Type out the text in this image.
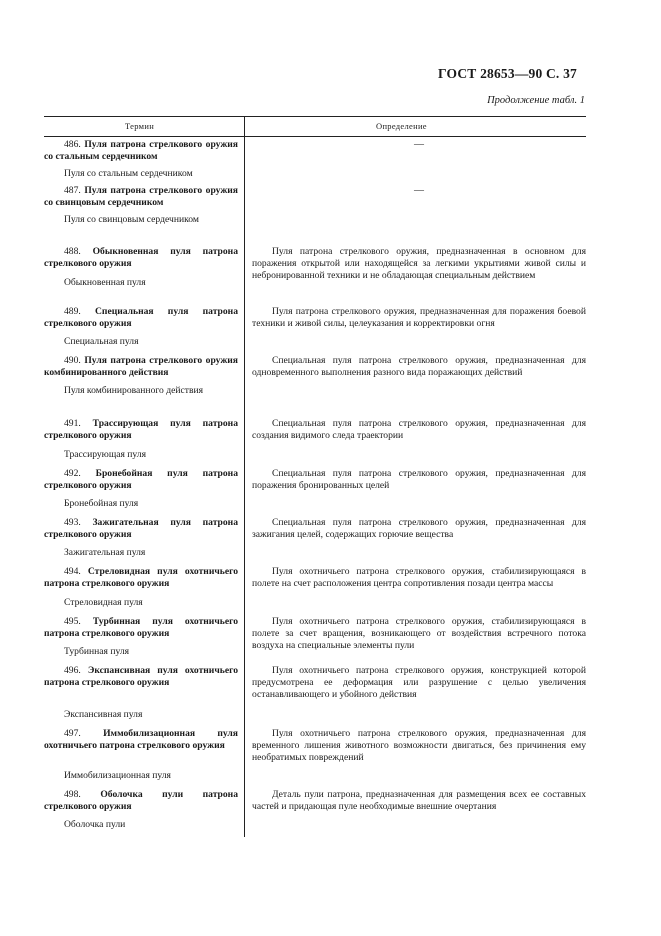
ГОСТ 28653—90 С. 37
Продолжение табл. 1
Термин	Определение
486. Пуля патрона стрелкового оружия со стальным сердечником
—
Пуля со стальным сердечником
487. Пуля патрона стрелкового оружия со свинцовым сердечником
—
Пуля со свинцовым сердечником
488. Обыкновенная пуля патрона стрелкового оружия
Пуля патрона стрелкового оружия, предназначенная в основном для поражения открытой или находящейся за легкими укрытиями живой силы и небронированной техники и не обладающая специальным действием
Обыкновенная пуля
489. Специальная пуля патрона стрелкового оружия
Пуля патрона стрелкового оружия, предназначенная для поражения боевой техники и живой силы, целеуказания и корректировки огня
Специальная пуля
490. Пуля патрона стрелкового оружия комбинированного действия
Специальная пуля патрона стрелкового оружия, предназначенная для одновременного выполнения разного вида поражающих действий
Пуля комбинированного действия
491. Трассирующая пуля патрона стрелкового оружия
Специальная пуля патрона стрелкового оружия, предназначенная для создания видимого следа траектории
Трассирующая пуля
492. Бронебойная пуля патрона стрелкового оружия
Специальная пуля патрона стрелкового оружия, предназначенная для поражения бронированных целей
Бронебойная пуля
493. Зажигательная пуля патрона стрелкового оружия
Специальная пуля патрона стрелкового оружия, предназначенная для зажигания целей, содержащих горючие вещества
Зажигательная пуля
494. Стреловидная пуля охотничьего патрона стрелкового оружия
Пуля охотничьего патрона стрелкового оружия, стабилизирующаяся в полете на счет расположения центра сопротивления позади центра массы
Стреловидная пуля
495. Турбинная пуля охотничьего патрона стрелкового оружия
Пуля охотничьего патрона стрелкового оружия, стабилизирующаяся в полете за счет вращения, возникающего от воздействия встречного потока воздуха на специальные элементы пули
Турбинная пуля
496. Экспансивная пуля охотничьего патрона стрелкового оружия
Пуля охотничьего патрона стрелкового оружия, конструкцией которой предусмотрена ее деформация или разрушение с целью увеличения останавливающего и убойного действия
Экспансивная пуля
497. Иммобилизационная пуля охотничьего патрона стрелкового оружия
Пуля охотничьего патрона стрелкового оружия, предназначенная для временного лишения животного возможности двигаться, без причинения ему необратимых повреждений
Иммобилизационная пуля
498. Оболочка пули патрона стрелкового оружия
Деталь пули патрона, предназначенная для размещения всех ее составных частей и придающая пуле необходимые внешние очертания
Оболочка пули
